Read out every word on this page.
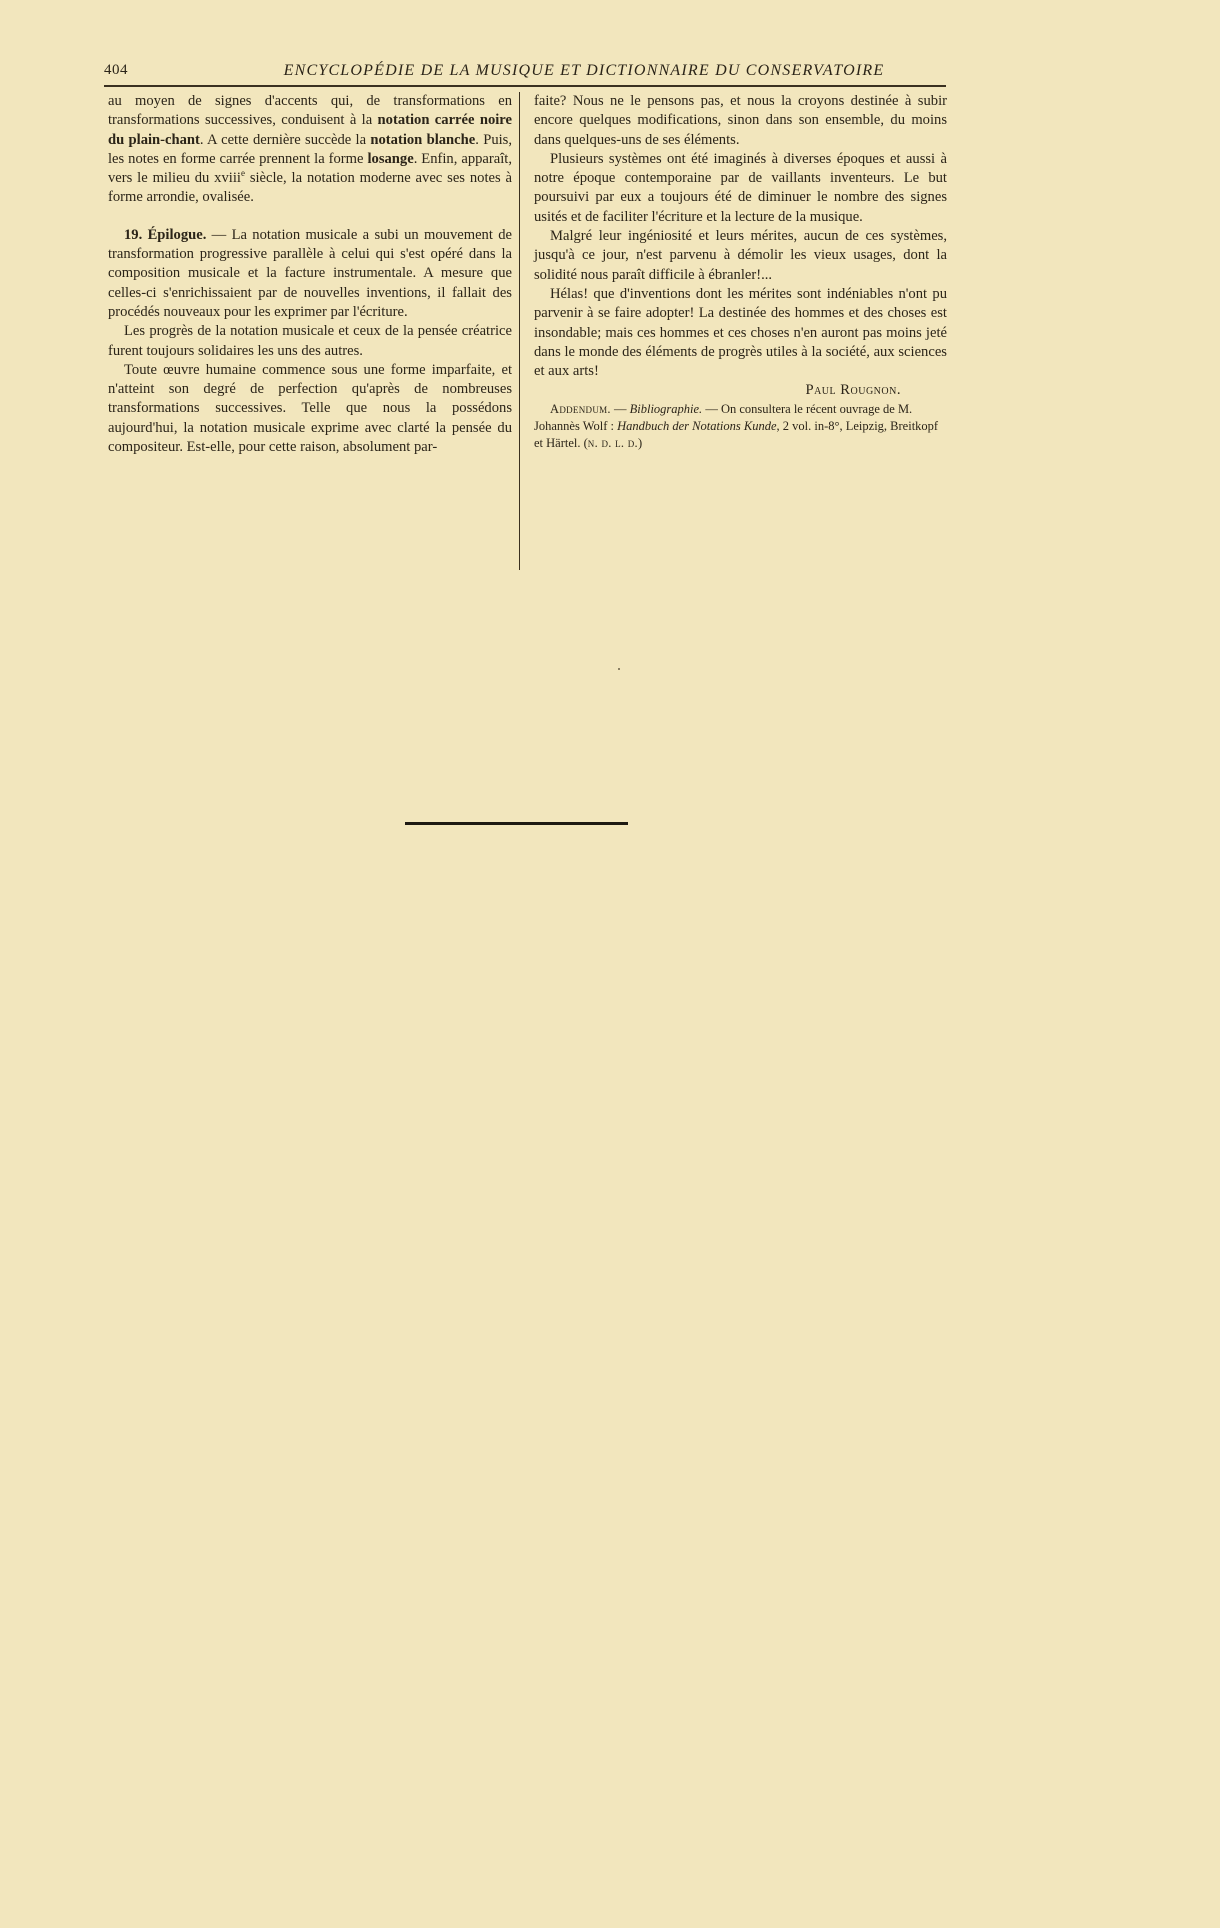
404	ENCYCLOPÉDIE DE LA MUSIQUE ET DICTIONNAIRE DU CONSERVATOIRE

au moyen de signes d'accents qui, de transformations en transformations successives, conduisent à la notation carrée noire du plain-chant. A cette dernière succède la notation blanche. Puis, les notes en forme carrée prennent la forme losange. Enfin, apparaît, vers le milieu du xviii$^e$ siècle, la notation moderne avec ses notes à forme arrondie, ovalisée.

19. Épilogue. — La notation musicale a subi un mouvement de transformation progressive parallèle à celui qui s'est opéré dans la composition musicale et la facture instrumentale. A mesure que celles-ci s'enrichissaient par de nouvelles inventions, il fallait des procédés nouveaux pour les exprimer par l'écriture.

Les progrès de la notation musicale et ceux de la pensée créatrice furent toujours solidaires les uns des autres.

Toute œuvre humaine commence sous une forme imparfaite, et n'atteint son degré de perfection qu'après de nombreuses transformations successives. Telle que nous la possédons aujourd'hui, la notation musicale exprime avec clarté la pensée du compositeur. Est-elle, pour cette raison, absolument par-

faite? Nous ne le pensons pas, et nous la croyons destinée à subir encore quelques modifications, sinon dans son ensemble, du moins dans quelques-uns de ses éléments.

Plusieurs systèmes ont été imaginés à diverses époques et aussi à notre époque contemporaine par de vaillants inventeurs. Le but poursuivi par eux a toujours été de diminuer le nombre des signes usités et de faciliter l'écriture et la lecture de la musique.

Malgré leur ingéniosité et leurs mérites, aucun de ces systèmes, jusqu'à ce jour, n'est parvenu à démolir les vieux usages, dont la solidité nous paraît difficile à ébranler!...

Hélas! que d'inventions dont les mérites sont indéniables n'ont pu parvenir à se faire adopter! La destinée des hommes et des choses est insondable; mais ces hommes et ces choses n'en auront pas moins jeté dans le monde des éléments de progrès utiles à la société, aux sciences et aux arts!

Paul Rougnon.

Addendum. — Bibliographie. — On consultera le récent ouvrage de M. Johannès Wolf : Handbuch der Notations Kunde, 2 vol. in-8°, Leipzig, Breitkopf et Härtel. (n. d. l. d.)
